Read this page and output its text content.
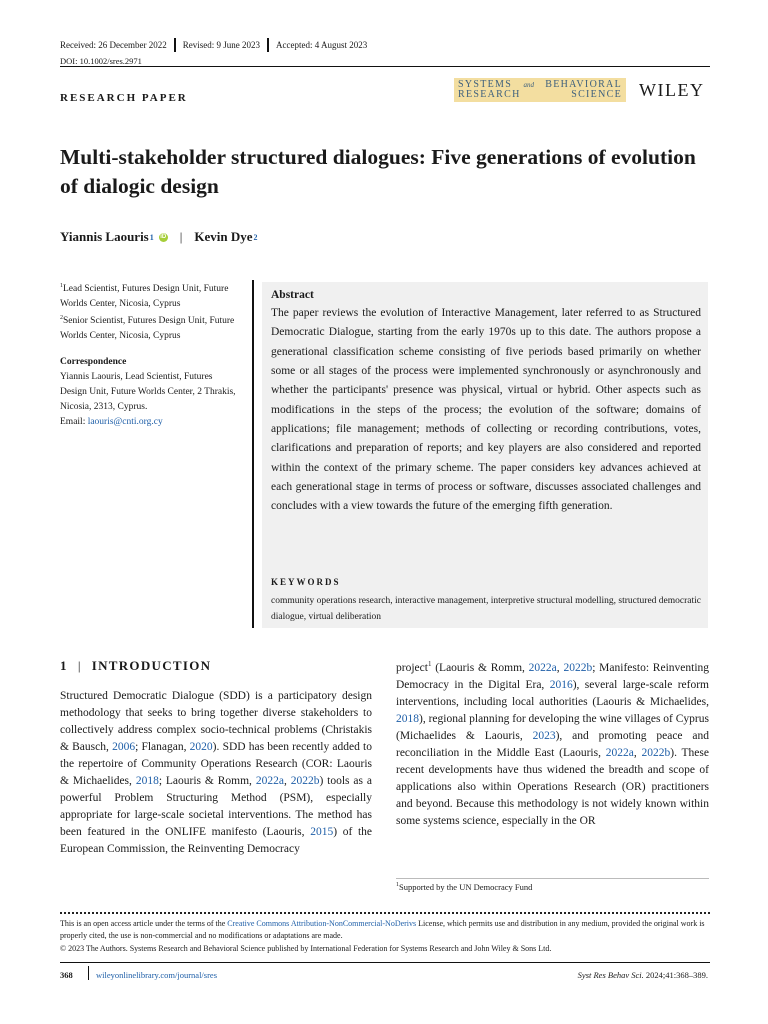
Received: 26 December 2022 Revised: 9 June 2023 Accepted: 4 August 2023
DOI: 10.1002/sres.2971
RESEARCH PAPER
SYSTEMS and BEHAVIORAL
RESEARCH	SCIENCE WILEY
Multi-stakeholder structured dialogues: Five generations of evolution of dialogic design
Yiannis Laouris 1 iD | Kevin Dye 2
$^1$Lead Scientist, Futures Design Unit, Future Worlds Center, Nicosia, Cyprus
$^2$Senior Scientist, Futures Design Unit, Future Worlds Center, Nicosia, Cyprus
Correspondence
Yiannis Laouris, Lead Scientist, Futures Design Unit, Future Worlds Center, 2 Thrakis, Nicosia, 2313, Cyprus.
Email: laouris@cnti.org.cy
Abstract
The paper reviews the evolution of Interactive Management, later referred to as Structured Democratic Dialogue, starting from the early 1970s up to this date. The authors propose a generational classification scheme consisting of five periods based primarily on whether some or all stages of the process were implemented synchronously or asynchronously and whether the participants' presence was physical, virtual or hybrid. Other aspects such as modifications in the steps of the process; the evolution of the software; domains of applications; file management; methods of collecting or recording contributions, votes, clarifications and preparation of reports; and key players are also considered and reported within the context of the primary scheme. The paper considers key advances achieved at each generational stage in terms of process or software, discusses associated challenges and concludes with a view towards the future of the emerging fifth generation.
KEYWORDS
community operations research, interactive management, interpretive structural modelling, structured democratic dialogue, virtual deliberation
1 | INTRODUCTION
Structured Democratic Dialogue (SDD) is a participatory design methodology that seeks to bring together diverse stakeholders to collectively address complex socio-technical problems (Christakis & Bausch, 2006; Flanagan, 2020). SDD has been recently added to the repertoire of Community Operations Research (COR: Laouris & Michaelides, 2018; Laouris & Romm, 2022a, 2022b) tools as a powerful Problem Structuring Method (PSM), especially appropriate for large-scale societal interventions. The method has been featured in the ONLIFE manifesto (Laouris, 2015) of the European Commission, the Reinventing Democracy
project$^1$ (Laouris & Romm, 2022a, 2022b; Manifesto: Reinventing Democracy in the Digital Era, 2016), several large-scale reform interventions, including local authorities (Laouris & Michaelides, 2018), regional planning for developing the wine villages of Cyprus (Michaelides & Laouris, 2023), and promoting peace and reconciliation in the Middle East (Laouris, 2022a, 2022b). These recent developments have thus widened the breadth and scope of applications also within Operations Research (OR) practitioners and beyond. Because this methodology is not widely known within some systems science, especially in the OR
$^1$Supported by the UN Democracy Fund
This is an open access article under the terms of the Creative Commons Attribution-NonCommercial-NoDerivs License, which permits use and distribution in any medium, provided the original work is properly cited, the use is non-commercial and no modifications or adaptations are made.
© 2023 The Authors. Systems Research and Behavioral Science published by International Federation for Systems Research and John Wiley & Sons Ltd.
368	wileyonlinelibrary.com/journal/sres	Syst Res Behav Sci. 2024;41:368–389.
